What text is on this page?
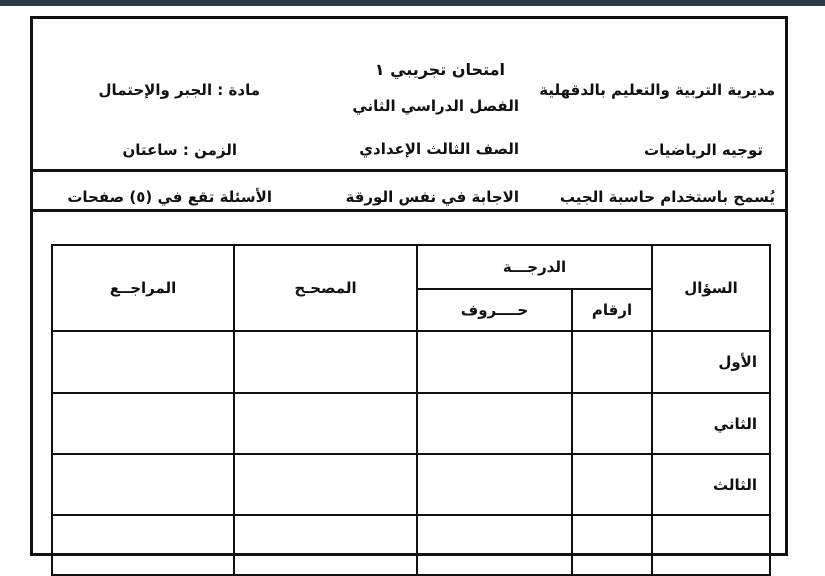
مديرية التربية والتعليم بالدقهلية
امتحان تجريبي ١
الفصل الدراسي الثاني
مادة : الجبر والإحتمال
توجيه الرياضيات
الصف الثالث الإعدادي
الزمن : ساعتان
يُسمح باستخدام حاسبة الجيب
الاجابة في نفس الورقة
الأسئلة تقع في (٥) صفحات
السؤال	الدرجـــة		المصحـح	المراجــع
	ارقام	حــــروف		
الأول				
الثاني				
الثالث				
